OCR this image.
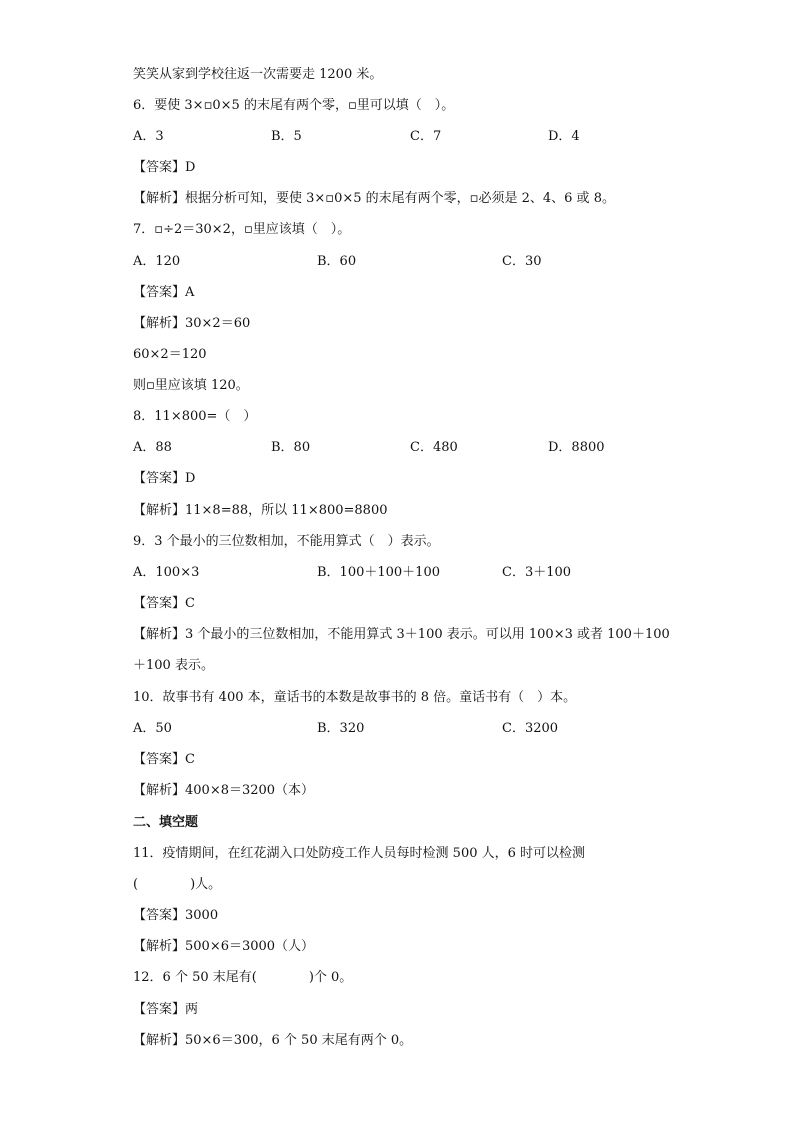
笑笑从家到学校往返一次需要走 1200 米。
6．要使 3×▫0×5 的末尾有两个零，▫里可以填（　）。
A．3	B．5	C．7	D．4
【答案】D
【解析】根据分析可知，要使 3×▫0×5 的末尾有两个零，▫必须是 2、4、6 或 8。
7．▫÷2＝30×2，▫里应该填（　）。
A．120	B．60	C．30
【答案】A
【解析】30×2＝60
60×2＝120
则▫里应该填 120。
8．11×800=（　）
A．88	B．80	C．480	D．8800
【答案】D
【解析】11×8=88，所以 11×800=8800
9．3 个最小的三位数相加，不能用算式（　）表示。
A．100×3	B．100＋100＋100	C．3＋100
【答案】C
【解析】3 个最小的三位数相加，不能用算式 3＋100 表示。可以用 100×3 或者 100＋100
＋100 表示。
10．故事书有 400 本，童话书的本数是故事书的 8 倍。童话书有（　）本。
A．50	B．320	C．3200
【答案】C
【解析】400×8＝3200（本）
二、填空题
11．疫情期间，在红花湖入口处防疫工作人员每时检测 500 人，6 时可以检测
(　　　　)人。
【答案】3000
【解析】500×6＝3000（人）
12．6 个 50 末尾有(　　　　)个 0。
【答案】两
【解析】50×6＝300，6 个 50 末尾有两个 0。
